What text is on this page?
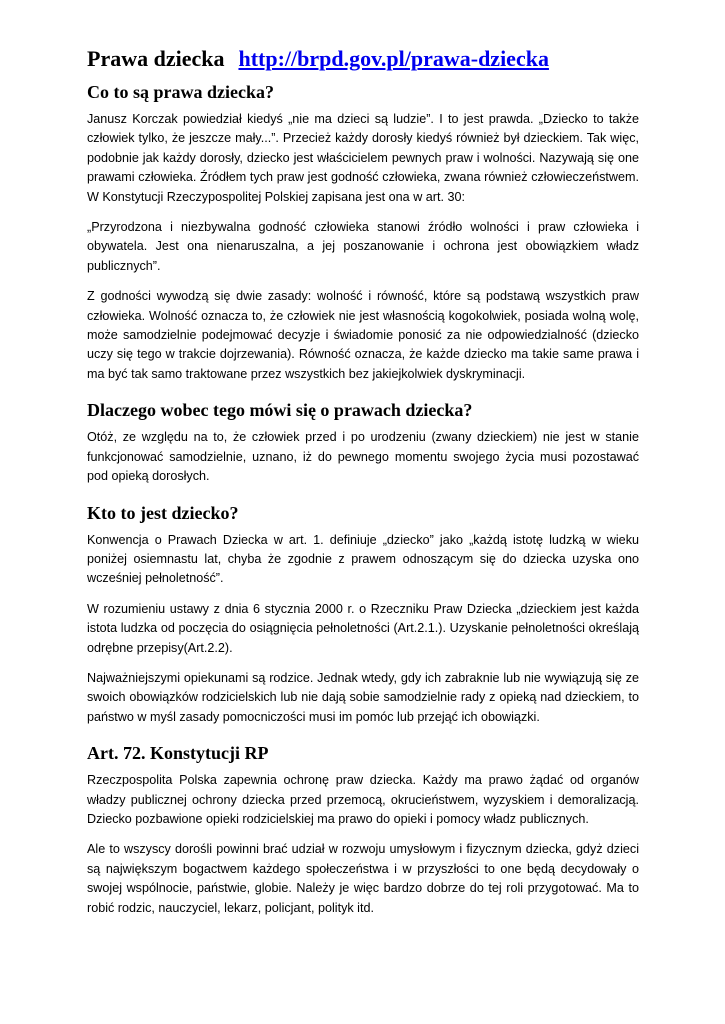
Prawa dziecka http://brpd.gov.pl/prawa-dziecka
Co to są prawa dziecka?

Janusz Korczak powiedział kiedyś „nie ma dzieci są ludzie”. I to jest prawda. „Dziecko to także człowiek tylko, że jeszcze mały...”. Przecież każdy dorosły kiedyś również był dzieckiem. Tak więc, podobnie jak każdy dorosły, dziecko jest właścicielem pewnych praw i wolności. Nazywają się one prawami człowieka. Źródłem tych praw jest godność człowieka, zwana również człowieczeństwem. W Konstytucji Rzeczypospolitej Polskiej zapisana jest ona w art. 30:

„Przyrodzona i niezbywalna godność człowieka stanowi źródło wolności i praw człowieka i obywatela. Jest ona nienaruszalna, a jej poszanowanie i ochrona jest obowiązkiem władz publicznych”.

Z godności wywodzą się dwie zasady: wolność i równość, które są podstawą wszystkich praw człowieka. Wolność oznacza to, że człowiek nie jest własnością kogokolwiek, posiada wolną wolę, może samodzielnie podejmować decyzje i świadomie ponosić za nie odpowiedzialność (dziecko uczy się tego w trakcie dojrzewania). Równość oznacza, że każde dziecko ma takie same prawa i ma być tak samo traktowane przez wszystkich bez jakiejkolwiek dyskryminacji.

Dlaczego wobec tego mówi się o prawach dziecka?

Otóż, ze względu na to, że człowiek przed i po urodzeniu (zwany dzieckiem) nie jest w stanie funkcjonować samodzielnie, uznano, iż do pewnego momentu swojego życia musi pozostawać pod opieką dorosłych.

Kto to jest dziecko?

Konwencja o Prawach Dziecka w art. 1. definiuje „dziecko” jako „każdą istotę ludzką w wieku poniżej osiemnastu lat, chyba że zgodnie z prawem odnoszącym się do dziecka uzyska ono wcześniej pełnoletność”.

W rozumieniu ustawy z dnia 6 stycznia 2000 r. o Rzeczniku Praw Dziecka „dzieckiem jest każda istota ludzka od poczęcia do osiągnięcia pełnoletności (Art.2.1.). Uzyskanie pełnoletności określają odrębne przepisy(Art.2.2).

Najważniejszymi opiekunami są rodzice. Jednak wtedy, gdy ich zabraknie lub nie wywiązują się ze swoich obowiązków rodzicielskich lub nie dają sobie samodzielnie rady z opieką nad dzieckiem, to państwo w myśl zasady pomocniczości musi im pomóc lub przejąć ich obowiązki.

Art. 72. Konstytucji RP

Rzeczpospolita Polska zapewnia ochronę praw dziecka. Każdy ma prawo żądać od organów władzy publicznej ochrony dziecka przed przemocą, okrucieństwem, wyzyskiem i demoralizacją. Dziecko pozbawione opieki rodzicielskiej ma prawo do opieki i pomocy władz publicznych.

Ale to wszyscy dorośli powinni brać udział w rozwoju umysłowym i fizycznym dziecka, gdyż dzieci są największym bogactwem każdego społeczeństwa i w przyszłości to one będą decydowały o swojej wspólnocie, państwie, globie. Należy je więc bardzo dobrze do tej roli przygotować. Ma to robić rodzic, nauczyciel, lekarz, policjant, polityk itd.
